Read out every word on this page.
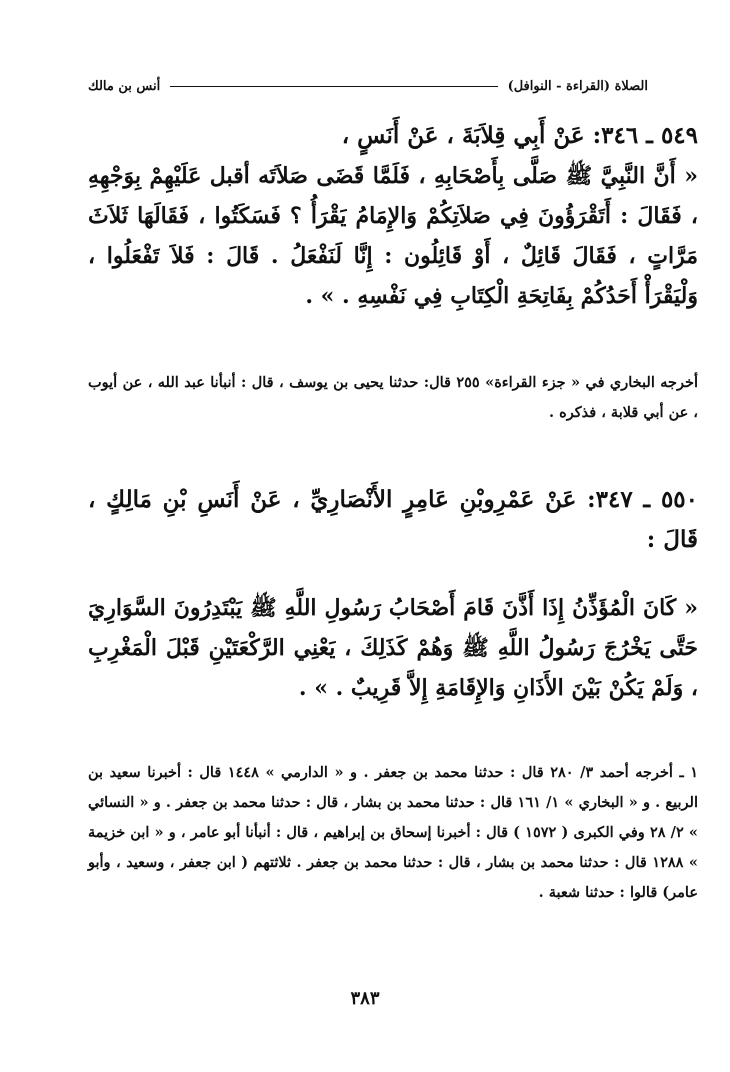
الصلاة (القراءة - النوافل)
أنس بن مالك
٥٤٩ ـ ٣٤٦: عَنْ أَبِي قِلاَبَةَ ، عَنْ أَنَسٍ ،
« أَنَّ النَّبِيَّ ﷺ صَلَّى بِأَصْحَابِهِ ، فَلَمَّا قَضَى صَلاَتَه أقبل عَلَيْهِمْ بِوَجْهِهِ ، فَقَالَ : أَتَقْرَؤُونَ فِي صَلاَتِكُمْ وَالإِمَامُ يَقْرَأُ ؟ فَسَكَتُوا ، فَقَالَهَا ثَلاَثَ مَرَّاتٍ ، فَقَالَ قَائِلٌ ، أَوْ قَائِلُون : إِنَّا لَنَفْعَلُ . قَالَ : فَلاَ تَفْعَلُوا ، وَلْيَقْرَأْ أَحَدُكُمْ بِفَاتِحَةِ الْكِتَابِ فِي نَفْسِهِ . » .
أخرجه البخاري في « جزء القراءة» ٢٥٥ قال: حدثنا يحيى بن يوسف ، قال : أنبأنا عبد الله ، عن أيوب ، عن أبي قلابة ، فذكره .
٥٥٠ ـ ٣٤٧: عَنْ عَمْرِوبْنِ عَامِرٍ الأَنْصَارِيِّ ، عَنْ أَنَسِ بْنِ مَالِكٍ ، قَالَ :
« كَانَ الْمُؤَذِّنُ إِذَا أَذَّنَ قَامَ أَصْحَابُ رَسُولِ اللَّهِ ﷺ يَبْتَدِرُونَ السَّوَارِيَ حَتَّى يَخْرُجَ رَسُولُ اللَّهِ ﷺ وَهُمْ كَذَلِكَ ، يَعْنِي الرَّكْعَتَيْنِ قَبْلَ الْمَغْرِبِ ، وَلَمْ يَكُنْ بَيْنَ الأَذَانِ وَالإِقَامَةِ إِلاَّ قَرِيبٌ . » .
١ ـ أخرجه أحمد ٣/ ٢٨٠ قال : حدثنا محمد بن جعفر . و « الدارمي » ١٤٤٨ قال : أخبرنا سعيد بن الربيع . و « البخاري » ١/ ١٦١ قال : حدثنا محمد بن بشار ، قال : حدثنا محمد بن جعفر . و « النسائي » ٢/ ٢٨ وفي الكبرى ( ١٥٧٢ ) قال : أخبرنا إسحاق بن إبراهيم ، قال : أنبأنا أبو عامر ، و « ابن خزيمة » ١٢٨٨ قال : حدثنا محمد بن بشار ، قال : حدثنا محمد بن جعفر . ثلاثتهم ( ابن جعفر ، وسعيد ، وأبو عامر) قالوا : حدثنا شعبة .
٣٨٣
